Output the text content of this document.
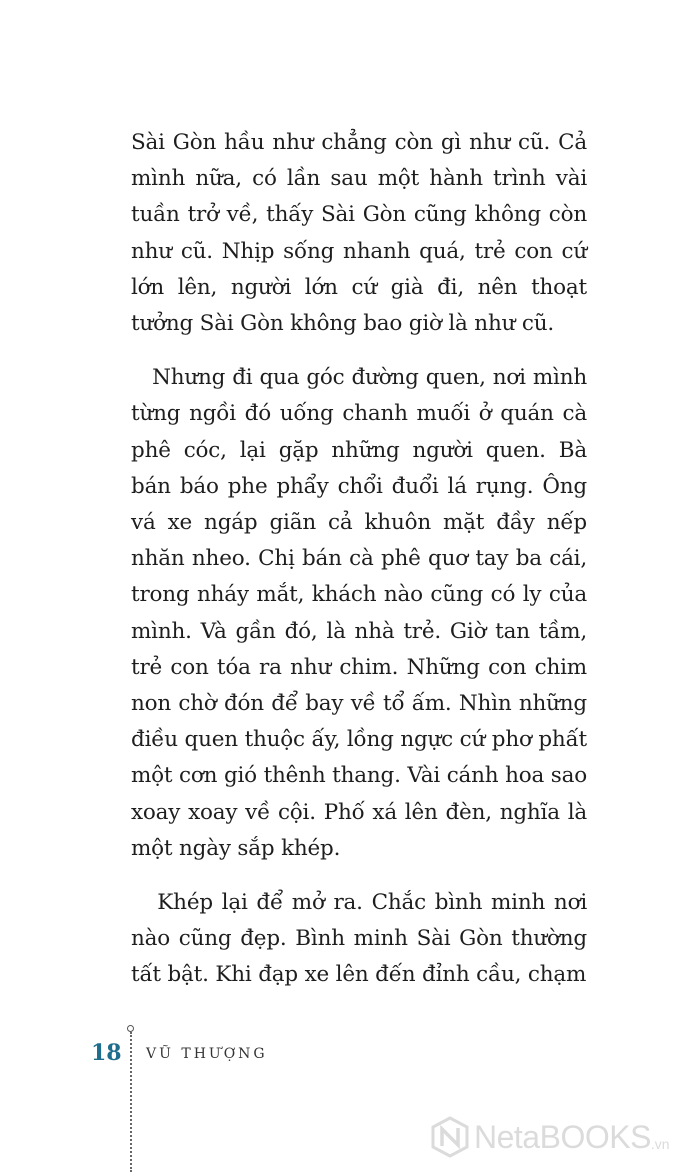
Sài Gòn hầu như chẳng còn gì như cũ. Cả mình nữa, có lần sau một hành trình vài tuần trở về, thấy Sài Gòn cũng không còn như cũ. Nhịp sống nhanh quá, trẻ con cứ lớn lên, người lớn cứ già đi, nên thoạt tưởng Sài Gòn không bao giờ là như cũ.

Nhưng đi qua góc đường quen, nơi mình từng ngồi đó uống chanh muối ở quán cà phê cóc, lại gặp những người quen. Bà bán báo phe phẩy chổi đuổi lá rụng. Ông vá xe ngáp giãn cả khuôn mặt đầy nếp nhăn nheo. Chị bán cà phê quơ tay ba cái, trong nháy mắt, khách nào cũng có ly của mình. Và gần đó, là nhà trẻ. Giờ tan tầm, trẻ con tóa ra như chim. Những con chim non chờ đón để bay về tổ ấm. Nhìn những điều quen thuộc ấy, lồng ngực cứ phơ phất một cơn gió thênh thang. Vài cánh hoa sao xoay xoay về cội. Phố xá lên đèn, nghĩa là một ngày sắp khép.

Khép lại để mở ra. Chắc bình minh nơi nào cũng đẹp. Bình minh Sài Gòn thường tất bật. Khi đạp xe lên đến đỉnh cầu, chạm

18 VŨ THƯỢNG
NetaBOOKS .vn
